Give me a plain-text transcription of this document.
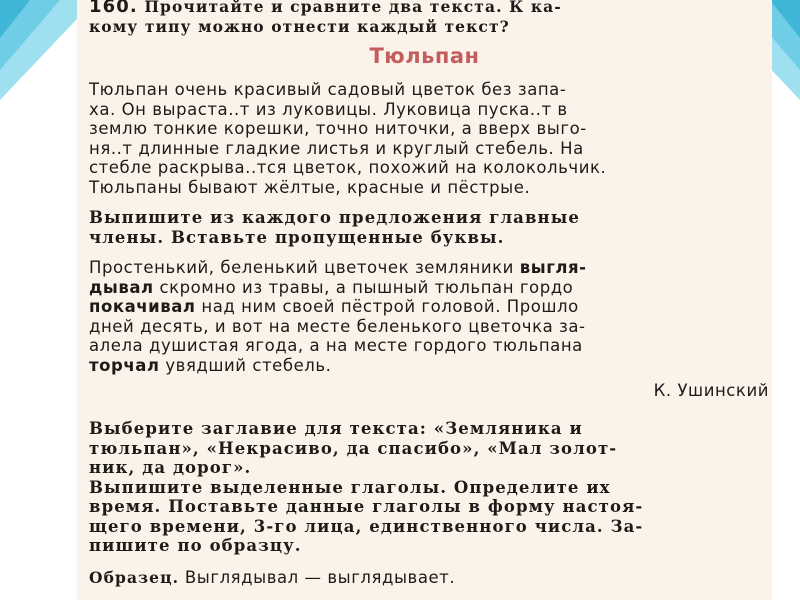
160. Прочитайте и сравните два текста. К ка-
кому типу можно отнести каждый текст?
Тюльпан
Тюльпан очень красивый садовый цветок без запа-
ха. Он выраста..т из луковицы. Луковица пуска..т в
землю тонкие корешки, точно ниточки, а вверх выго-
ня..т длинные гладкие листья и круглый стебель. На
стебле раскрыва..тся цветок, похожий на колокольчик.
Тюльпаны бывают жёлтые, красные и пёстрые.
Выпишите из каждого предложения главные
члены. Вставьте пропущенные буквы.
Простенький, беленький цветочек земляники выгля-
дывал скромно из травы, а пышный тюльпан гордо
покачивал над ним своей пёстрой головой. Прошло
дней десять, и вот на месте беленького цветочка за-
алела душистая ягода, а на месте гордого тюльпана
торчал увядший стебель.
К. Ушинский
Выберите заглавие для текста: «Земляника и
тюльпан», «Некрасиво, да спасибо», «Мал золот-
ник, да дорог».
Выпишите выделенные глаголы. Определите их
время. Поставьте данные глаголы в форму настоя-
щего времени, 3-го лица, единственного числа. За-
пишите по образцу.
Образец. Выглядывал — выглядывает.
